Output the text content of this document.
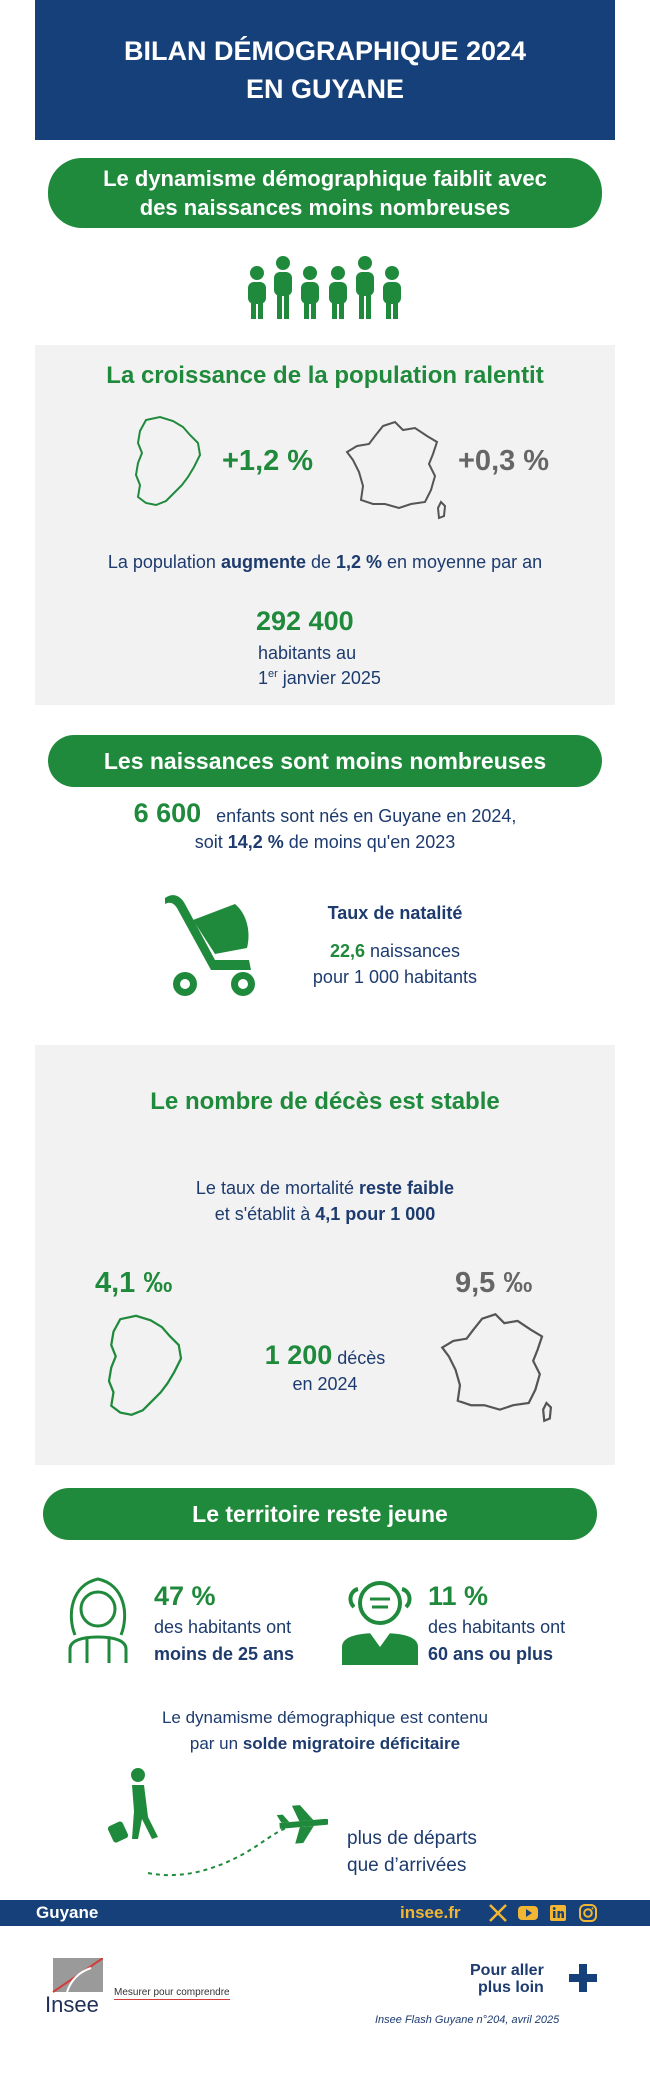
BILAN DÉMOGRAPHIQUE 2024
EN GUYANE
Le dynamisme démographique faiblit avec
des naissances moins nombreuses
La croissance de la population ralentit
+1,2 %	+0,3 %
La population augmente de 1,2 % en moyenne par an
292 400
habitants au
1er janvier 2025
Les naissances sont moins nombreuses
6 600 enfants sont nés en Guyane en 2024,
soit 14,2 % de moins qu'en 2023
Taux de natalité
22,6 naissances
pour 1 000 habitants
Le nombre de décès est stable
Le taux de mortalité reste faible
et s'établit à 4,1 pour 1 000
4,1 ‰	9,5 ‰
1 200 décès
en 2024
Le territoire reste jeune
47 %
des habitants ont
moins de 25 ans
11 %
des habitants ont
60 ans ou plus
Le dynamisme démographique est contenu
par un solde migratoire déficitaire
plus de départs
que d’arrivées
Guyane	insee.fr
Insee Mesurer pour comprendre
Pour aller
plus loin
Insee Flash Guyane n°204, avril 2025
